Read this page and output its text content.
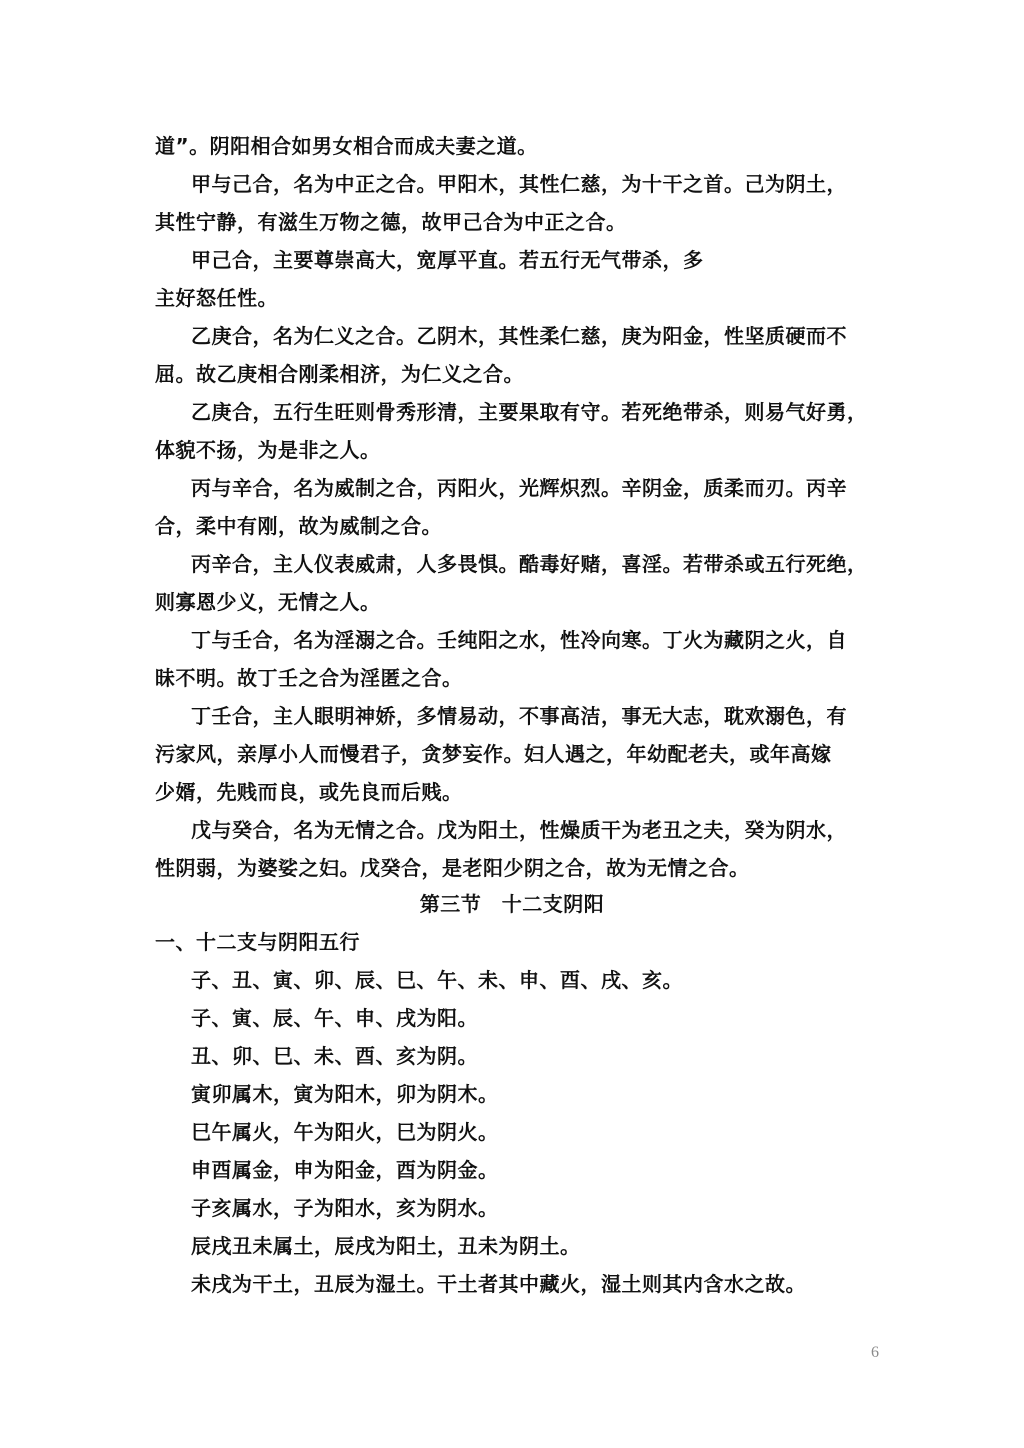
道”。阴阳相合如男女相合而成夫妻之道。
甲与己合，名为中正之合。甲阳木，其性仁慈，为十干之首。己为阴土，
其性宁静，有滋生万物之德，故甲己合为中正之合。
甲己合，主要尊崇高大，宽厚平直。若五行无气带杀，多
主好怒任性。
乙庚合，名为仁义之合。乙阴木，其性柔仁慈，庚为阳金，性坚质硬而不
屈。故乙庚相合刚柔相济，为仁义之合。
乙庚合，五行生旺则骨秀形清，主要果取有守。若死绝带杀，则易气好勇，
体貌不扬，为是非之人。
丙与辛合，名为威制之合，丙阳火，光辉炽烈。辛阴金，质柔而刃。丙辛
合，柔中有刚，故为威制之合。
丙辛合，主人仪表威肃，人多畏惧。酷毒好赌，喜淫。若带杀或五行死绝，
则寡恩少义，无情之人。
丁与壬合，名为淫溺之合。壬纯阳之水，性冷向寒。丁火为藏阴之火，自
昧不明。故丁壬之合为淫匿之合。
丁壬合，主人眼明神娇，多情易动，不事高洁，事无大志，耽欢溺色，有
污家风，亲厚小人而慢君子，贪梦妄作。妇人遇之，年幼配老夫，或年高嫁
少婿，先贱而良，或先良而后贱。
戊与癸合，名为无情之合。戊为阳土，性燥质干为老丑之夫，癸为阴水，
性阴弱，为婆娑之妇。戊癸合，是老阳少阴之合，故为无情之合。
第三节　十二支阴阳
一、十二支与阴阳五行
子、丑、寅、卯、辰、巳、午、未、申、酉、戌、亥。
子、寅、辰、午、申、戌为阳。
丑、卯、巳、未、酉、亥为阴。
寅卯属木，寅为阳木，卯为阴木。
巳午属火，午为阳火，巳为阴火。
申酉属金，申为阳金，酉为阴金。
子亥属水，子为阳水，亥为阴水。
辰戌丑未属土，辰戌为阳土，丑未为阴土。
未戌为干土，丑辰为湿土。干土者其中藏火，湿土则其内含水之故。
6
